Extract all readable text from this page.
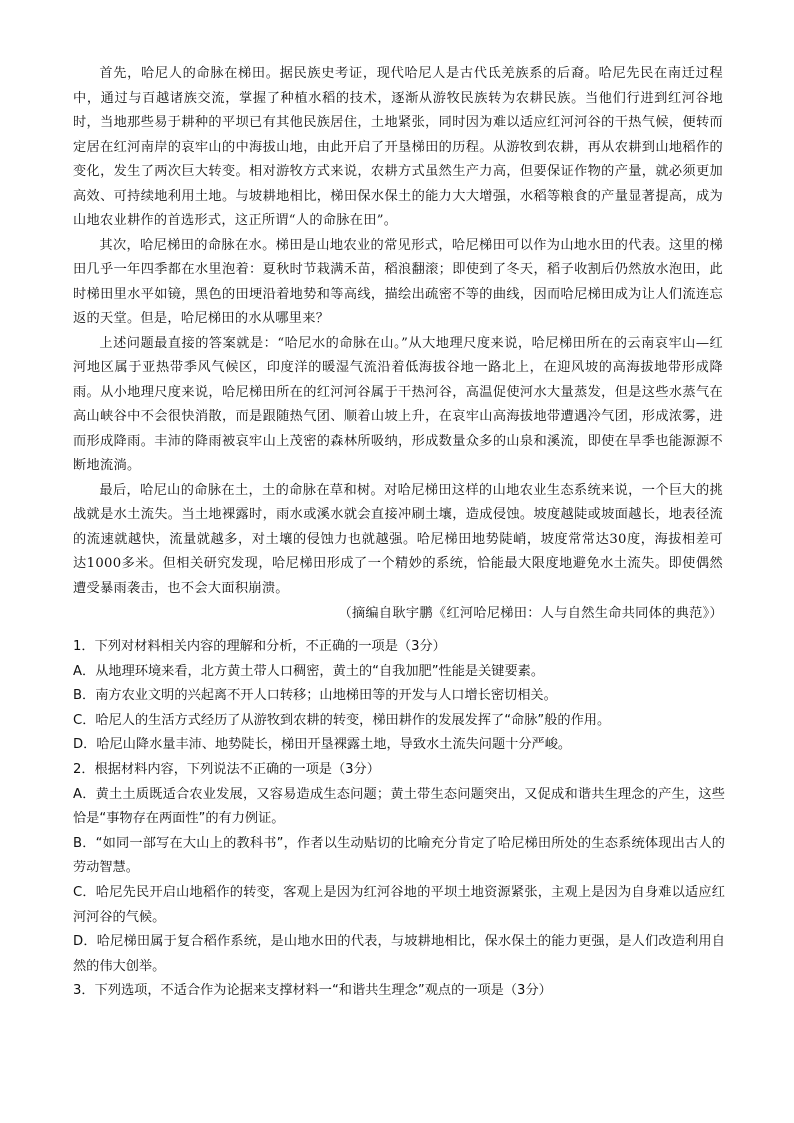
首先，哈尼人的命脉在梯田。据民族史考证，现代哈尼人是古代氐羌族系的后裔。哈尼先民在南迁过程中，通过与百越诸族交流，掌握了种植水稻的技术，逐渐从游牧民族转为农耕民族。当他们行进到红河谷地时，当地那些易于耕种的平坝已有其他民族居住，土地紧张，同时因为难以适应红河河谷的干热气候，便转而定居在红河南岸的哀牢山的中海拔山地，由此开启了开垦梯田的历程。从游牧到农耕，再从农耕到山地稻作的变化，发生了两次巨大转变。相对游牧方式来说，农耕方式虽然生产力高，但要保证作物的产量，就必须更加高效、可持续地利用土地。与坡耕地相比，梯田保水保土的能力大大增强，水稻等粮食的产量显著提高，成为山地农业耕作的首选形式，这正所谓“人的命脉在田”。

其次，哈尼梯田的命脉在水。梯田是山地农业的常见形式，哈尼梯田可以作为山地水田的代表。这里的梯田几乎一年四季都在水里泡着：夏秋时节栽满禾苗，稻浪翻滚；即使到了冬天，稻子收割后仍然放水泡田，此时梯田里水平如镜，黑色的田埂沿着地势和等高线，描绘出疏密不等的曲线，因而哈尼梯田成为让人们流连忘返的天堂。但是，哈尼梯田的水从哪里来？

上述问题最直接的答案就是：“哈尼水的命脉在山。”从大地理尺度来说，哈尼梯田所在的云南哀牢山—红河地区属于亚热带季风气候区，印度洋的暖湿气流沿着低海拔谷地一路北上，在迎风坡的高海拔地带形成降雨。从小地理尺度来说，哈尼梯田所在的红河河谷属于干热河谷，高温促使河水大量蒸发，但是这些水蒸气在高山峡谷中不会很快消散，而是跟随热气团、顺着山坡上升，在哀牢山高海拔地带遭遇冷气团，形成浓雾，进而形成降雨。丰沛的降雨被哀牢山上茂密的森林所吸纳，形成数量众多的山泉和溪流，即使在旱季也能源源不断地流淌。

最后，哈尼山的命脉在土，土的命脉在草和树。对哈尼梯田这样的山地农业生态系统来说，一个巨大的挑战就是水土流失。当土地裸露时，雨水或溪水就会直接冲刷土壤，造成侵蚀。坡度越陡或坡面越长，地表径流的流速就越快，流量就越多，对土壤的侵蚀力也就越强。哈尼梯田地势陡峭，坡度常常达30度，海拔相差可达1000多米。但相关研究发现，哈尼梯田形成了一个精妙的系统，恰能最大限度地避免水土流失。即使偶然遭受暴雨袭击，也不会大面积崩溃。

（摘编自耿宇鹏《红河哈尼梯田：人与自然生命共同体的典范》）

1．下列对材料相关内容的理解和分析，不正确的一项是（3分）

A．从地理环境来看，北方黄土带人口稠密，黄土的“自我加肥”性能是关键要素。

B．南方农业文明的兴起离不开人口转移；山地梯田等的开发与人口增长密切相关。

C．哈尼人的生活方式经历了从游牧到农耕的转变，梯田耕作的发展发挥了“命脉”般的作用。

D．哈尼山降水量丰沛、地势陡长，梯田开垦裸露土地，导致水土流失问题十分严峻。

2．根据材料内容，下列说法不正确的一项是（3分）

A．黄土土质既适合农业发展，又容易造成生态问题；黄土带生态问题突出，又促成和谐共生理念的产生，这些恰是“事物存在两面性”的有力例证。

B．“如同一部写在大山上的教科书”，作者以生动贴切的比喻充分肯定了哈尼梯田所处的生态系统体现出古人的劳动智慧。

C．哈尼先民开启山地稻作的转变，客观上是因为红河谷地的平坝土地资源紧张，主观上是因为自身难以适应红河河谷的气候。

D．哈尼梯田属于复合稻作系统，是山地水田的代表，与坡耕地相比，保水保土的能力更强，是人们改造利用自然的伟大创举。

3．下列选项，不适合作为论据来支撑材料一“和谐共生理念”观点的一项是（3分）
